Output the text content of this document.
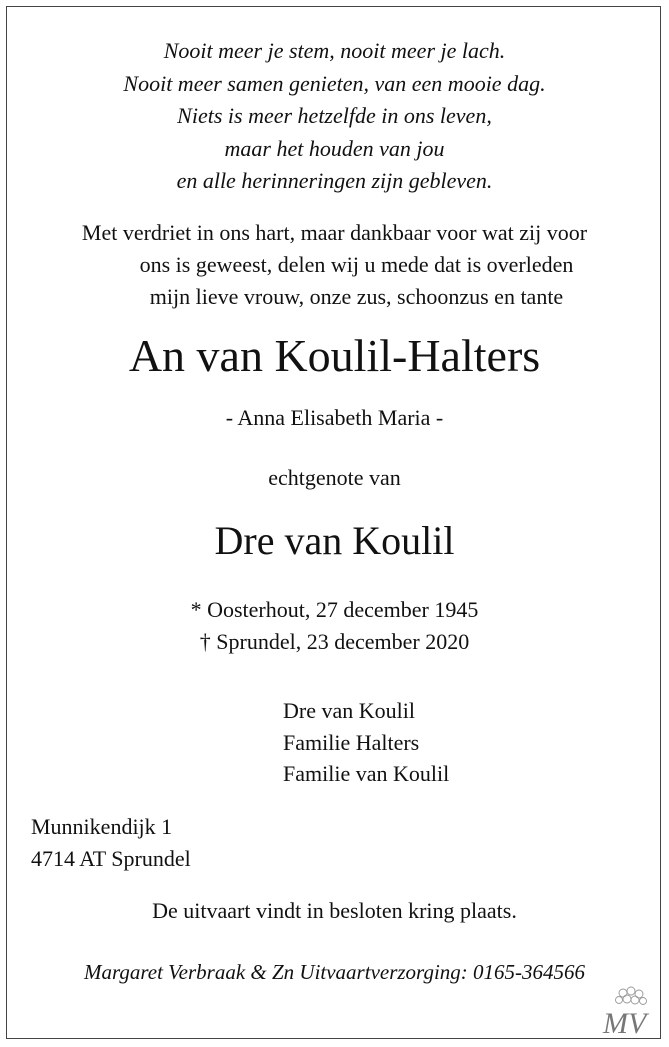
Nooit meer je stem, nooit meer je lach.
Nooit meer samen genieten, van een mooie dag.
Niets is meer hetzelfde in ons leven,
maar het houden van jou
en alle herinneringen zijn gebleven.
Met verdriet in ons hart, maar dankbaar voor wat zij voor
ons is geweest, delen wij u mede dat is overleden
mijn lieve vrouw, onze zus, schoonzus en tante
An van Koulil-Halters
- Anna Elisabeth Maria -
echtgenote van
Dre van Koulil
* Oosterhout, 27 december 1945
† Sprundel, 23 december 2020
Dre van Koulil
Familie Halters
Familie van Koulil
Munnikendijk 1
4714 AT Sprundel
De uitvaart vindt in besloten kring plaats.
Margaret Verbraak & Zn Uitvaartverzorging: 0165-364566
MV
